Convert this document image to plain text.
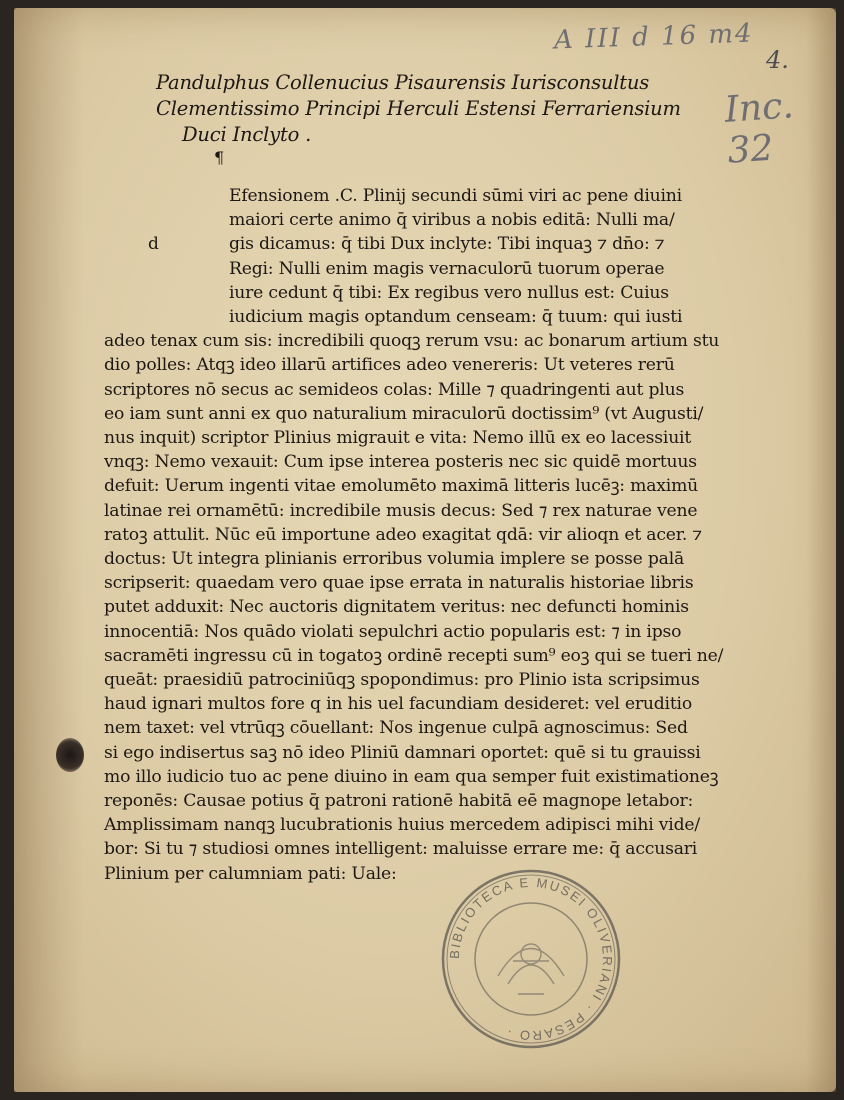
A III d 16 m4
4.
Inc. 32
Pandulphus Collenucius Pisaurensis Iurisconsultus
Clementissimo Principi Herculi Estensi Ferrariensium
Duci Inclyto .
¶
d
Efensionem .C. Plinij secundi sūmi viri ac pene diuini
maiori certe animo q̄ viribus a nobis editā: Nulli ma/
gis dicamus: q̄ tibi Dux inclyte: Tibi inquaꝫ ⁊ dn̄o: ⁊
Regi: Nulli enim magis vernaculorū tuorum operae
iure cedunt q̄ tibi: Ex regibus vero nullus est: Cuius
iudicium magis optandum censeam: q̄ tuum: qui iusti
adeo tenax cum sis: incredibili quoqꝫ rerum vsu: ac bonarum artium stu
dio polles: Atqꝫ ideo illarū artifices adeo venereris: Ut veteres rerū
scriptores nō secus ac semideos colas: Mille ⁊ quadringenti aut plus
eo iam sunt anni ex quo naturalium miraculorū doctissim⁹ (vt Augusti/
nus inquit) scriptor Plinius migrauit e vita: Nemo illū ex eo lacessiuit
vnqꝫ: Nemo vexauit: Cum ipse interea posteris nec sic quidē mortuus
defuit: Uerum ingenti vitae emolumēto maximā litteris lucēꝫ: maximū
latinae rei ornamētū: incredibile musis decus: Sed ⁊ rex naturae vene
ratoꝫ attulit. Nūc eū importune adeo exagitat qdā: vir alioqn et acer. ⁊
doctus: Ut integra plinianis erroribus volumia implere se posse palā
scripserit: quaedam vero quae ipse errata in naturalis historiae libris
putet adduxit: Nec auctoris dignitatem veritus: nec defuncti hominis
innocentiā: Nos quādo violati sepulchri actio popularis est: ⁊ in ipso
sacramēti ingressu cū in togatoꝫ ordinē recepti sum⁹ eoꝫ qui se tueri ne/
queāt: praesidiū patrociniūqꝫ spopondimus: pro Plinio ista scripsimus
haud ignari multos fore q in his uel facundiam desideret: vel eruditio
nem taxet: vel vtrūqꝫ cōuellant: Nos ingenue culpā agnoscimus: Sed
si ego indisertus saꝫ nō ideo Pliniū damnari oportet: quē si tu grauissi
mo illo iudicio tuo ac pene diuino in eam qua semper fuit existimationeꝫ
reponēs: Causae potius q̄ patroni rationē habitā eē magnope letabor:
Amplissimam nanqꝫ lucubrationis huius mercedem adipisci mihi vide/
bor: Si tu ⁊ studiosi omnes intelligent: maluisse errare me: q̄ accusari
Plinium per calumniam pati: Uale:
BIBLIOTECA E MUSEI OLIVERIANI · PESARO ·
